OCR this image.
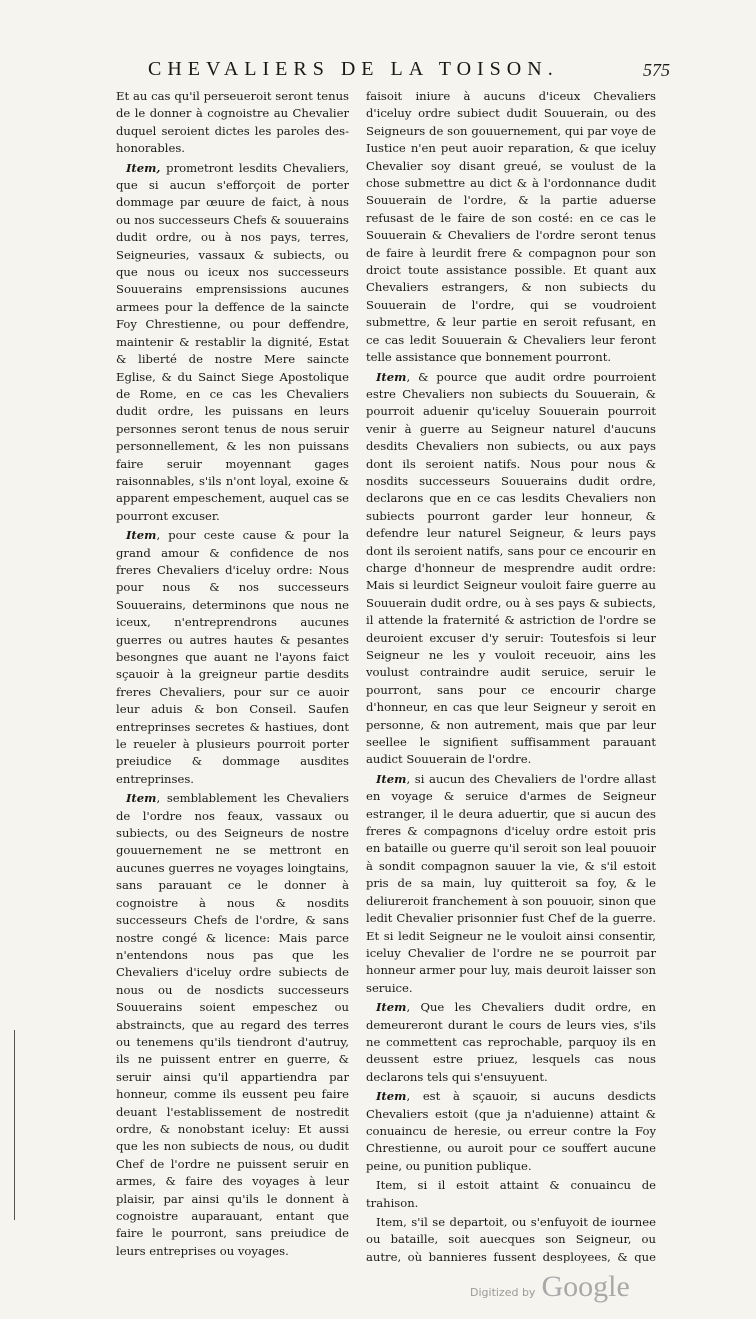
CHEVALIERS DE LA TOISON.	575

Et au cas qu'il perseueroit seront tenus de le donner à cognoistre au Chevalier duquel seroient dictes les paroles des-honorables.

Item, prometront lesdits Chevaliers, que si aucun s'efforçoit de porter dommage par œuure de faict, à nous ou nos successeurs Chefs & souuerains dudit ordre, ou à nos pays, terres, Seigneuries, vassaux & subiects, ou que nous ou iceux nos successeurs Souuerains emprensissions aucunes armees pour la deffence de la saincte Foy Chrestienne, ou pour deffendre, maintenir & restablir la dignité, Estat & liberté de nostre Mere saincte Eglise, & du Sainct Siege Apostolique de Rome, en ce cas les Chevaliers dudit ordre, les puissans en leurs personnes seront tenus de nous seruir personnellement, & les non puissans faire seruir moyennant gages raisonnables, s'ils n'ont loyal, exoine & apparent empeschement, auquel cas se pourront excuser.

Item, pour ceste cause & pour la grand amour & confidence de nos freres Chevaliers d'iceluy ordre: Nous pour nous & nos successeurs Souuerains, determinons que nous ne iceux, n'entreprendrons aucunes guerres ou autres hautes & pesantes besongnes que auant ne l'ayons faict sçauoir à la greigneur partie desdits freres Chevaliers, pour sur ce auoir leur aduis & bon Conseil. Saufen entreprinses secretes & hastiues, dont le reueler à plusieurs pourroit porter preiudice & dommage ausdites entreprinses.

Item, semblablement les Chevaliers de l'ordre nos feaux, vassaux ou subiects, ou des Seigneurs de nostre gouuernement ne se mettront en aucunes guerres ne voyages loingtains, sans parauant ce le donner à cognoistre à nous & nosdits successeurs Chefs de l'ordre, & sans nostre congé & licence: Mais parce n'entendons nous pas que les Chevaliers d'iceluy ordre subiects de nous ou de nosdicts successeurs Souuerains soient empeschez ou abstraincts, que au regard des terres ou tenemens qu'ils tiendront d'autruy, ils ne puissent entrer en guerre, & seruir ainsi qu'il appartiendra par honneur, comme ils eussent peu faire deuant l'establissement de nostredit ordre, & nonobstant iceluy: Et aussi que les non subiects de nous, ou dudit Chef de l'ordre ne puissent seruir en armes, & faire des voyages à leur plaisir, par ainsi qu'ils le donnent à cognoistre auparauant, entant que faire le pourront, sans preiudice de leurs entreprises ou voyages.

faisoit iniure à aucuns d'iceux Chevaliers d'iceluy ordre subiect dudit Souuerain, ou des Seigneurs de son gouuernement, qui par voye de Iustice n'en peut auoir reparation, & que iceluy Chevalier soy disant greué, se voulust de la chose submettre au dict & à l'ordonnance dudit Souuerain de l'ordre, & la partie aduerse refusast de le faire de son costé: en ce cas le Souuerain & Chevaliers de l'ordre seront tenus de faire à leurdit frere & compagnon pour son droict toute assistance possible. Et quant aux Chevaliers estrangers, & non subiects du Souuerain de l'ordre, qui se voudroient submettre, & leur partie en seroit refusant, en ce cas ledit Souuerain & Chevaliers leur feront telle assistance que bonnement pourront.

Item, & pource que audit ordre pourroient estre Chevaliers non subiects du Souuerain, & pourroit aduenir qu'iceluy Souuerain pourroit venir à guerre au Seigneur naturel d'aucuns desdits Chevaliers non subiects, ou aux pays dont ils seroient natifs. Nous pour nous & nosdits successeurs Souuerains dudit ordre, declarons que en ce cas lesdits Chevaliers non subiects pourront garder leur honneur, & defendre leur naturel Seigneur, & leurs pays dont ils seroient natifs, sans pour ce encourir en charge d'honneur de mesprendre audit ordre: Mais si leurdict Seigneur vouloit faire guerre au Souuerain dudit ordre, ou à ses pays & subiects, il attende la fraternité & astriction de l'ordre se deuroient excuser d'y seruir: Toutesfois si leur Seigneur ne les y vouloit receuoir, ains les voulust contraindre audit seruice, seruir le pourront, sans pour ce encourir charge d'honneur, en cas que leur Seigneur y seroit en personne, & non autrement, mais que par leur seellee le signifient suffisamment parauant audict Souuerain de l'ordre.

Item, si aucun des Chevaliers de l'ordre allast en voyage & seruice d'armes de Seigneur estranger, il le deura aduertir, que si aucun des freres & compagnons d'iceluy ordre estoit pris en bataille ou guerre qu'il seroit son leal pouuoir à sondit compagnon sauuer la vie, & s'il estoit pris de sa main, luy quitteroit sa foy, & le deliureroit franchement à son pouuoir, sinon que ledit Chevalier prisonnier fust Chef de la guerre. Et si ledit Seigneur ne le vouloit ainsi consentir, iceluy Chevalier de l'ordre ne se pourroit par honneur armer pour luy, mais deuroit laisser son seruice.

Item, Que les Chevaliers dudit ordre, en demeureront durant le cours de leurs vies, s'ils ne commettent cas reprochable, parquoy ils en deussent estre priuez, lesquels cas nous declarons tels qui s'ensuyuent.

Item, est à sçauoir, si aucuns desdicts Chevaliers estoit (que ja n'aduienne) attaint & conuaincu de heresie, ou erreur contre la Foy Chrestienne, ou auroit pour ce souffert aucune peine, ou punition publique.

Item, si il estoit attaint & conuaincu de trahison.

Item, s'il se departoit, ou s'enfuyoit de iournee ou bataille, soit auecques son Seigneur, ou autre, où bannieres fussent desployees, & que

Digitized by Google
